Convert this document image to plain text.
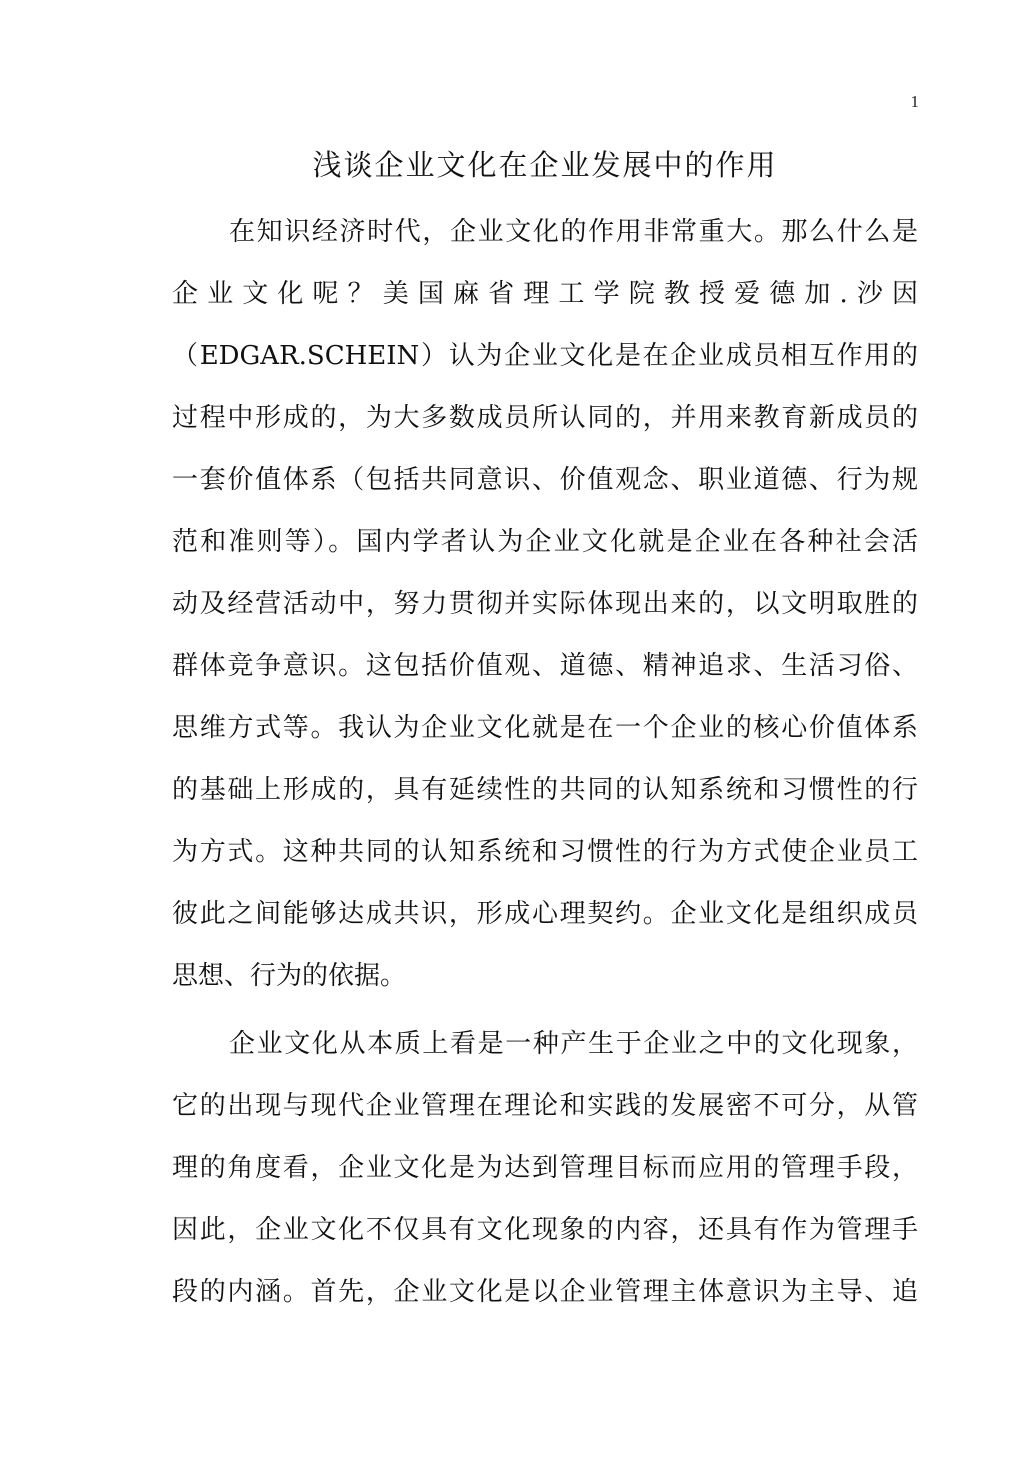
1
浅谈企业文化在企业发展中的作用
在知识经济时代，企业文化的作用非常重大。那么什么是
企业文化呢？美国麻省理工学院教授爱德加.沙因
（EDGAR.SCHEIN）认为企业文化是在企业成员相互作用的
过程中形成的，为大多数成员所认同的，并用来教育新成员的
一套价值体系（包括共同意识、价值观念、职业道德、行为规
范和准则等）。国内学者认为企业文化就是企业在各种社会活
动及经营活动中，努力贯彻并实际体现出来的，以文明取胜的
群体竞争意识。这包括价值观、道德、精神追求、生活习俗、
思维方式等。我认为企业文化就是在一个企业的核心价值体系
的基础上形成的，具有延续性的共同的认知系统和习惯性的行
为方式。这种共同的认知系统和习惯性的行为方式使企业员工
彼此之间能够达成共识，形成心理契约。企业文化是组织成员
思想、行为的依据。
企业文化从本质上看是一种产生于企业之中的文化现象，
它的出现与现代企业管理在理论和实践的发展密不可分，从管
理的角度看，企业文化是为达到管理目标而应用的管理手段，
因此，企业文化不仅具有文化现象的内容，还具有作为管理手
段的内涵。首先，企业文化是以企业管理主体意识为主导、追
